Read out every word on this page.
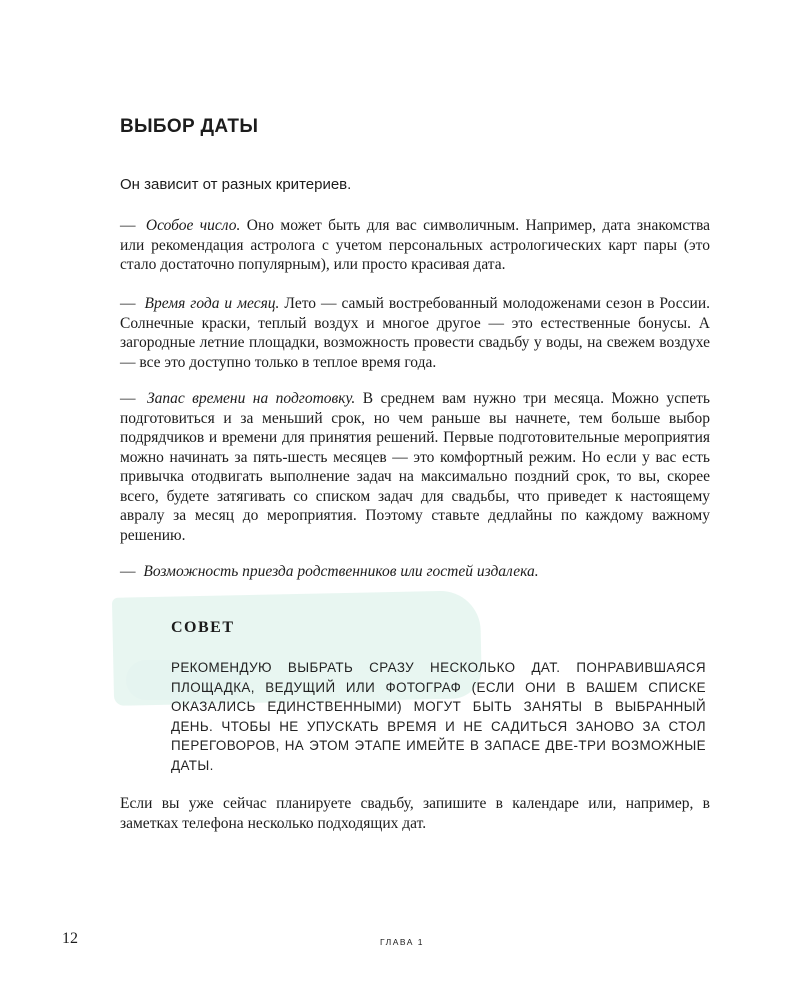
ВЫБОР ДАТЫ

Он зависит от разных критериев.

— Особое число. Оно может быть для вас символичным. Например, дата знакомства или рекомендация астролога с учетом персональных астрологических карт пары (это стало достаточно популярным), или просто красивая дата.

— Время года и месяц. Лето — самый востребованный молодоженами сезон в России. Солнечные краски, теплый воздух и многое другое — это естественные бонусы. А загородные летние площадки, возможность провести свадьбу у воды, на свежем воздухе — все это доступно только в теплое время года.

— Запас времени на подготовку. В среднем вам нужно три месяца. Можно успеть подготовиться и за меньший срок, но чем раньше вы начнете, тем больше выбор подрядчиков и времени для принятия решений. Первые подготовительные мероприятия можно начинать за пять-шесть месяцев — это комфортный режим. Но если у вас есть привычка отодвигать выполнение задач на максимально поздний срок, то вы, скорее всего, будете затягивать со списком задач для свадьбы, что приведет к настоящему авралу за месяц до мероприятия. Поэтому ставьте дедлайны по каждому важному решению.

— Возможность приезда родственников или гостей издалека.

СОВЕТ

РЕКОМЕНДУЮ ВЫБРАТЬ СРАЗУ НЕСКОЛЬКО ДАТ. ПОНРАВИВШАЯСЯ ПЛОЩАДКА, ВЕДУЩИЙ ИЛИ ФОТОГРАФ (ЕСЛИ ОНИ В ВАШЕМ СПИСКЕ ОКАЗАЛИСЬ ЕДИНСТВЕННЫМИ) МОГУТ БЫТЬ ЗАНЯТЫ В ВЫБРАННЫЙ ДЕНЬ. ЧТОБЫ НЕ УПУСКАТЬ ВРЕМЯ И НЕ САДИТЬСЯ ЗАНОВО ЗА СТОЛ ПЕРЕГОВОРОВ, НА ЭТОМ ЭТАПЕ ИМЕЙТЕ В ЗАПАСЕ ДВЕ-ТРИ ВОЗМОЖНЫЕ ДАТЫ.

Если вы уже сейчас планируете свадьбу, запишите в календаре или, например, в заметках телефона несколько подходящих дат.

12	ГЛАВА 1
